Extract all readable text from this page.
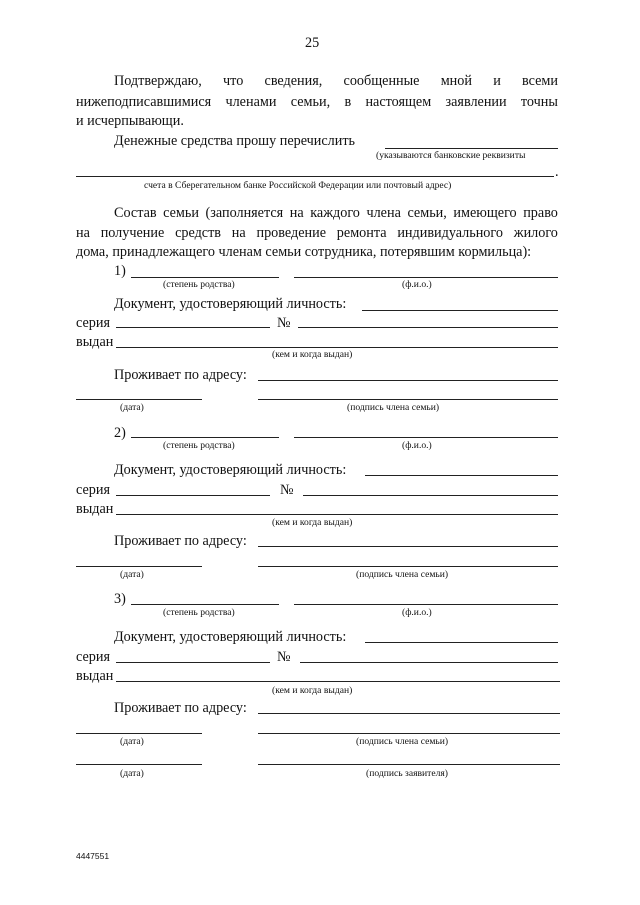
25
Подтверждаю, что сведения, сообщенные мной и всеми
нижеподписавшимися членами семьи, в настоящем заявлении точны
и исчерпывающи.
Денежные средства прошу перечислить
(указываются банковские реквизиты
.
счета в Сберегательном банке Российской Федерации или почтовый адрес)
Состав семьи (заполняется на каждого члена семьи, имеющего право
на получение средств на проведение ремонта индивидуального жилого
дома, принадлежащего членам семьи сотрудника, потерявшим кормильца):
1)
(степень родства)	(ф.и.о.)
Документ, удостоверяющий личность:
серия	№
выдан
(кем и когда выдан)
Проживает по адресу:
(дата)	(подпись члена семьи)
2)
(степень родства)	(ф.и.о.)
Документ, удостоверяющий личность:
серия	№
выдан
(кем и когда выдан)
Проживает по адресу:
(дата)	(подпись члена семьи)
3)
(степень родства)	(ф.и.о.)
Документ, удостоверяющий личность:
серия	№
выдан
(кем и когда выдан)
Проживает по адресу:
(дата)	(подпись члена семьи)
(дата)	(подпись заявителя)
4447551
